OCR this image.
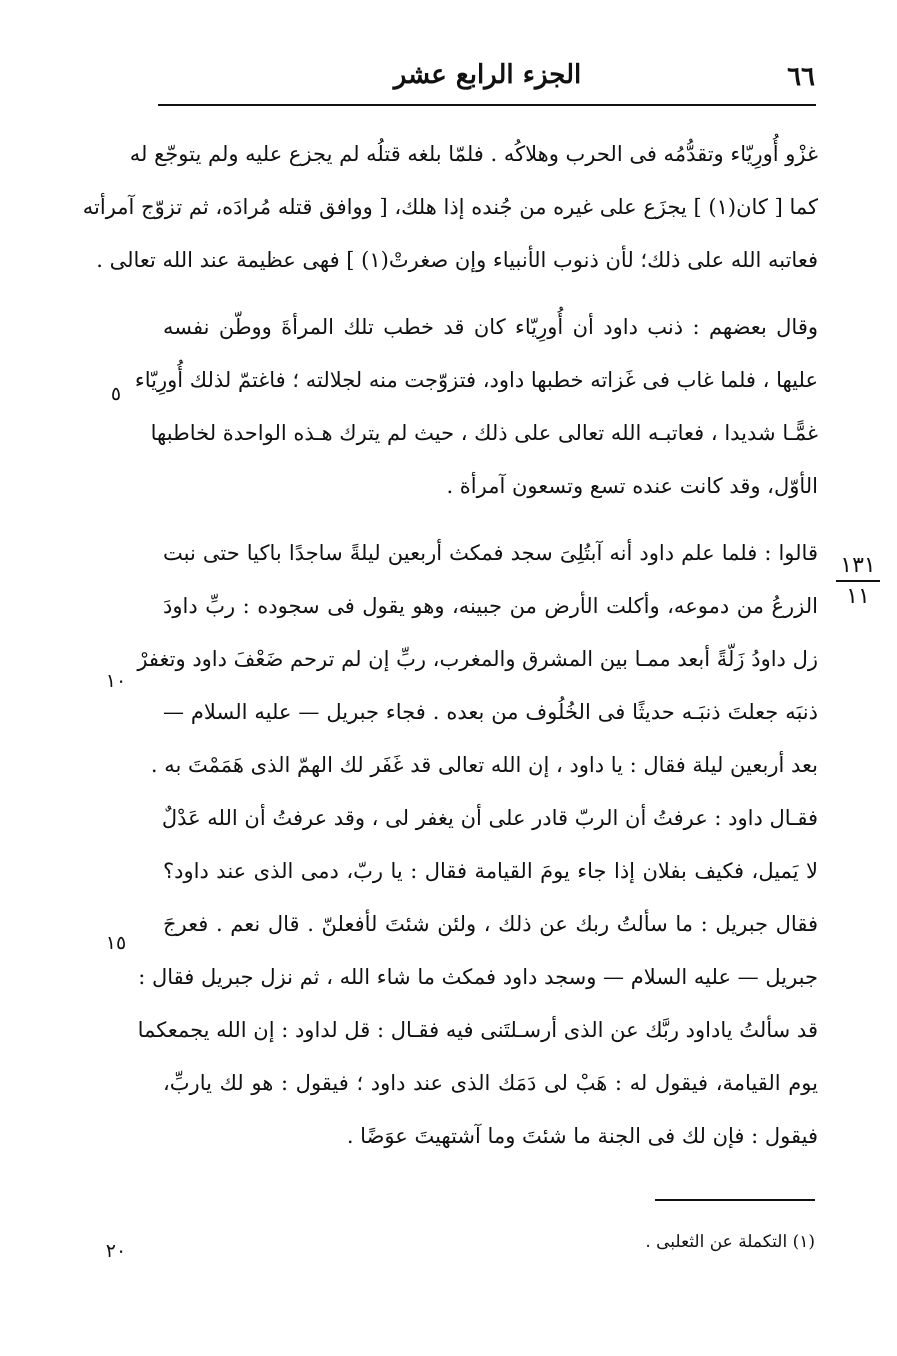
٦٦
الجزء الرابع عشر
غزْو أُورِيّاء وتقدُّمُه فى الحرب وهلاكُه . فلمّا بلغه قتلُه لم يجزع عليه ولم يتوجّع له
كما [ كان(١) ] يجزَع على غيره من جُنده إذا هلك، [ ووافق قتله مُرادَه، ثم تزوّج آمرأته
فعاتبه الله على ذلك؛ لأن ذنوب الأنبياء وإن صغرتْ(١) ] فهى عظيمة عند الله تعالى .
وقال بعضهم : ذنب داود أن أُورِيّاء كان قد خطب تلك المرأةَ ووطّن نفسه
عليها ، فلما غاب فى غَزاته خطبها داود، فتزوّجت منه لجلالته ؛ فاغتمّ لذلك أُورِيّاء
غمًّـا شديدا ، فعاتبـه الله تعالى على ذلك ، حيث لم يترك هـذه الواحدة لخاطبها
الأوّل، وقد كانت عنده تسع وتسعون آمرأة .
قالوا : فلما علم داود أنه آبتُلِىَ سجد فمكث أربعين ليلةً ساجدًا باكيا حتى نبت
الزرعُ من دموعه، وأكلت الأرض من جبينه، وهو يقول فى سجوده : ربِّ داودَ
زل داودُ زَلّةً أبعد ممـا بين المشرق والمغرب، ربِّ إن لم ترحم ضَعْفَ داود وتغفرْ
ذنبَه جعلتَ ذنبَـه حديثًا فى الخُلُوف من بعده . فجاء جبريل — عليه السلام —
بعد أربعين ليلة فقال : يا داود ، إن الله تعالى قد غَفَر لك الهمّ الذى هَمَمْتَ به .
فقـال داود : عرفتُ أن الربّ قادر على أن يغفر لى ، وقد عرفتُ أن الله عَدْلٌ
لا يَميل، فكيف بفلان إذا جاء يومَ القيامة فقال : يا ربّ، دمى الذى عند داود؟
فقال جبريل : ما سألتُ ربك عن ذلك ، ولئن شئتَ لأفعلنّ . قال نعم . فعرجَ
جبريل — عليه السلام — وسجد داود فمكث ما شاء الله ، ثم نزل جبريل فقال :
قد سألتُ ياداود ربَّك عن الذى أرسـلتَنى فيه فقـال : قل لداود : إن الله يجمعكما
يوم القيامة، فيقول له : هَبْ لى دَمَك الذى عند داود ؛ فيقول : هو لك ياربِّ،
فيقول : فإن لك فى الجنة ما شئتَ وما آشتهيتَ عوَضًا .
٥
١٠
١٥
٢٠
١٣١
١١
(١) التكملة عن الثعلبى .
